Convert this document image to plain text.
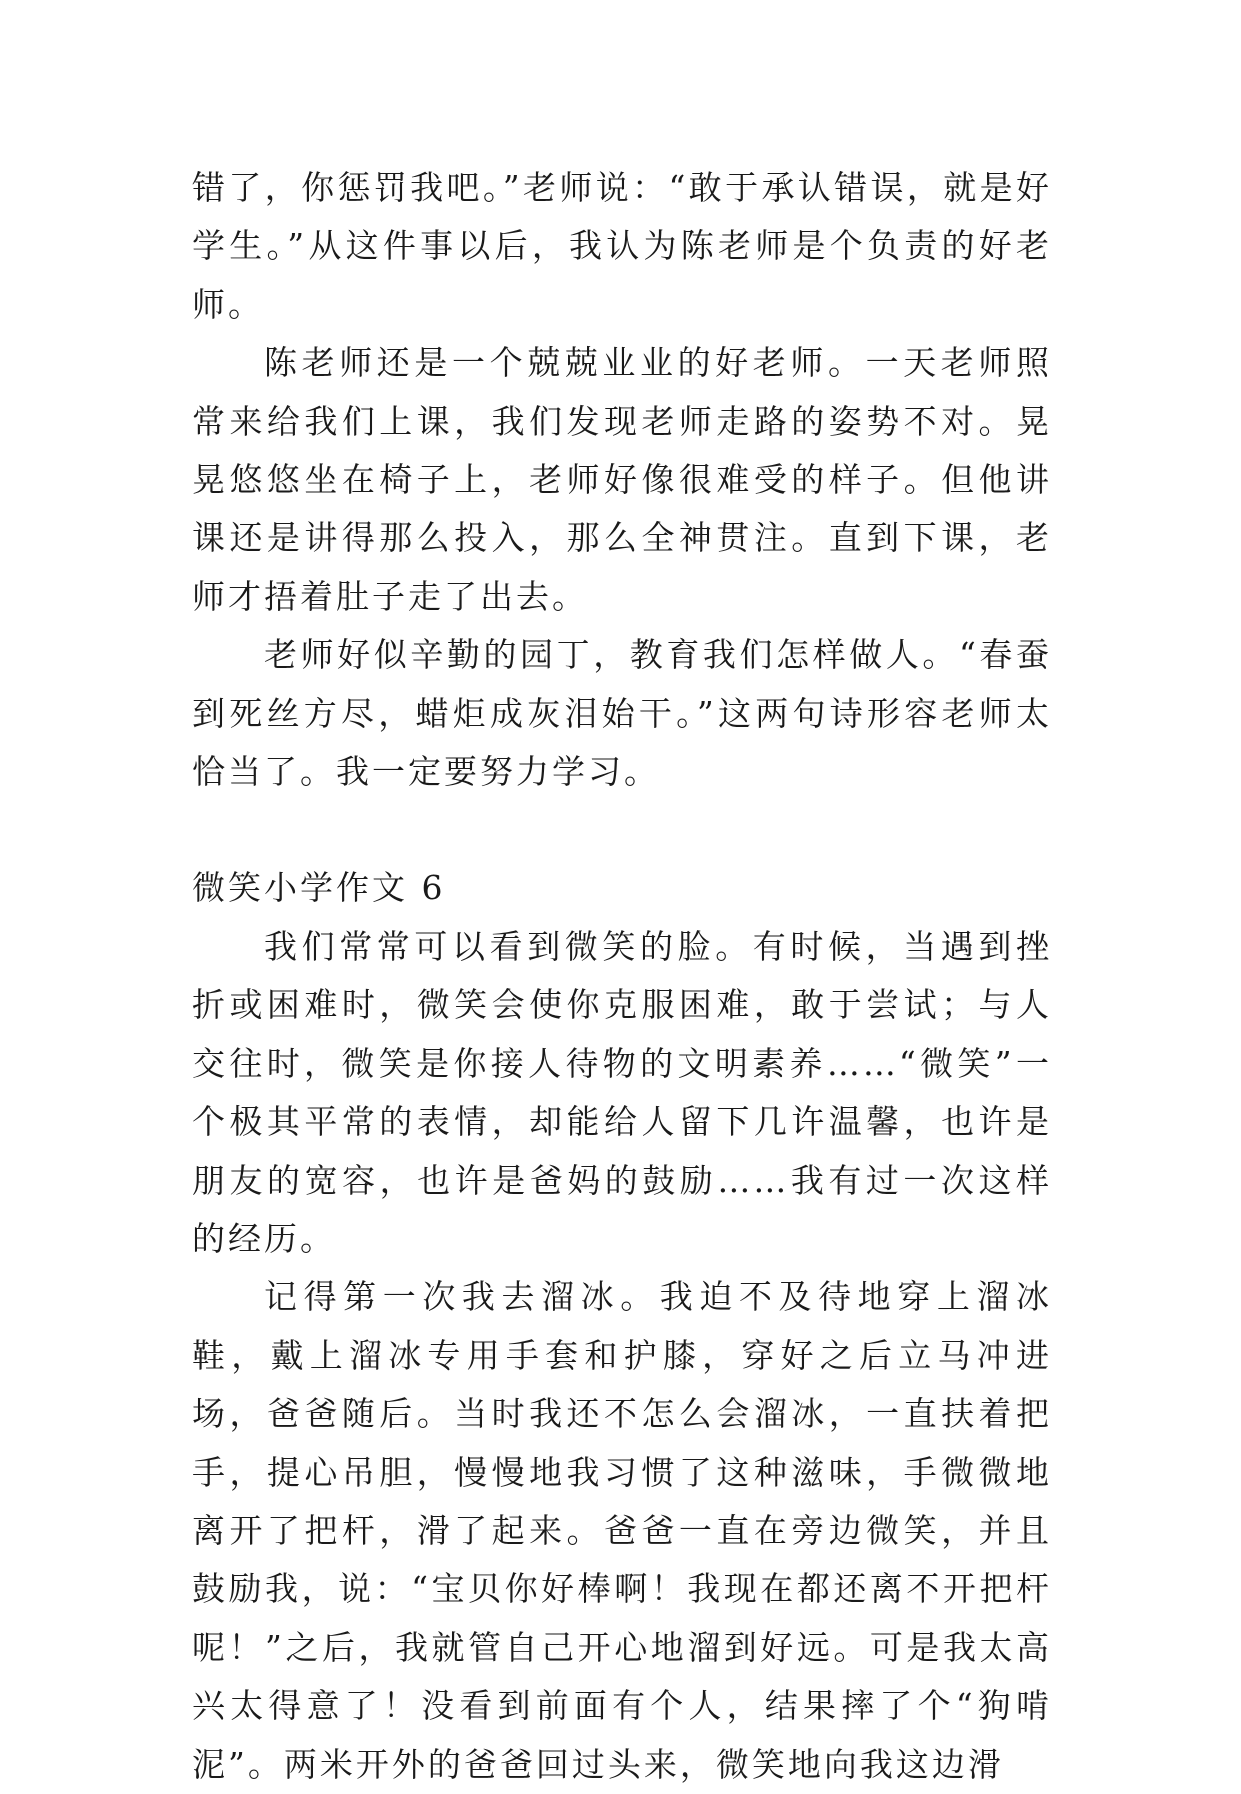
错了，你惩罚我吧。”老师说：“敢于承认错误，就是好学生。”从这件事以后，我认为陈老师是个负责的好老师。

陈老师还是一个兢兢业业的好老师。一天老师照常来给我们上课，我们发现老师走路的姿势不对。晃晃悠悠坐在椅子上，老师好像很难受的样子。但他讲课还是讲得那么投入，那么全神贯注。直到下课，老师才捂着肚子走了出去。

老师好似辛勤的园丁，教育我们怎样做人。“春蚕到死丝方尽，蜡炬成灰泪始干。”这两句诗形容老师太恰当了。我一定要努力学习。

微笑小学作文 6

我们常常可以看到微笑的脸。有时候，当遇到挫折或困难时，微笑会使你克服困难，敢于尝试；与人交往时，微笑是你接人待物的文明素养……“微笑”一个极其平常的表情，却能给人留下几许温馨，也许是朋友的宽容，也许是爸妈的鼓励……我有过一次这样的经历。

记得第一次我去溜冰。我迫不及待地穿上溜冰鞋，戴上溜冰专用手套和护膝，穿好之后立马冲进场，爸爸随后。当时我还不怎么会溜冰，一直扶着把手，提心吊胆，慢慢地我习惯了这种滋味，手微微地离开了把杆，滑了起来。爸爸一直在旁边微笑，并且鼓励我，说：“宝贝你好棒啊！我现在都还离不开把杆呢！”之后，我就管自己开心地溜到好远。可是我太高兴太得意了！没看到前面有个人，结果摔了个“狗啃泥”。两米开外的爸爸回过头来，微笑地向我这边滑
